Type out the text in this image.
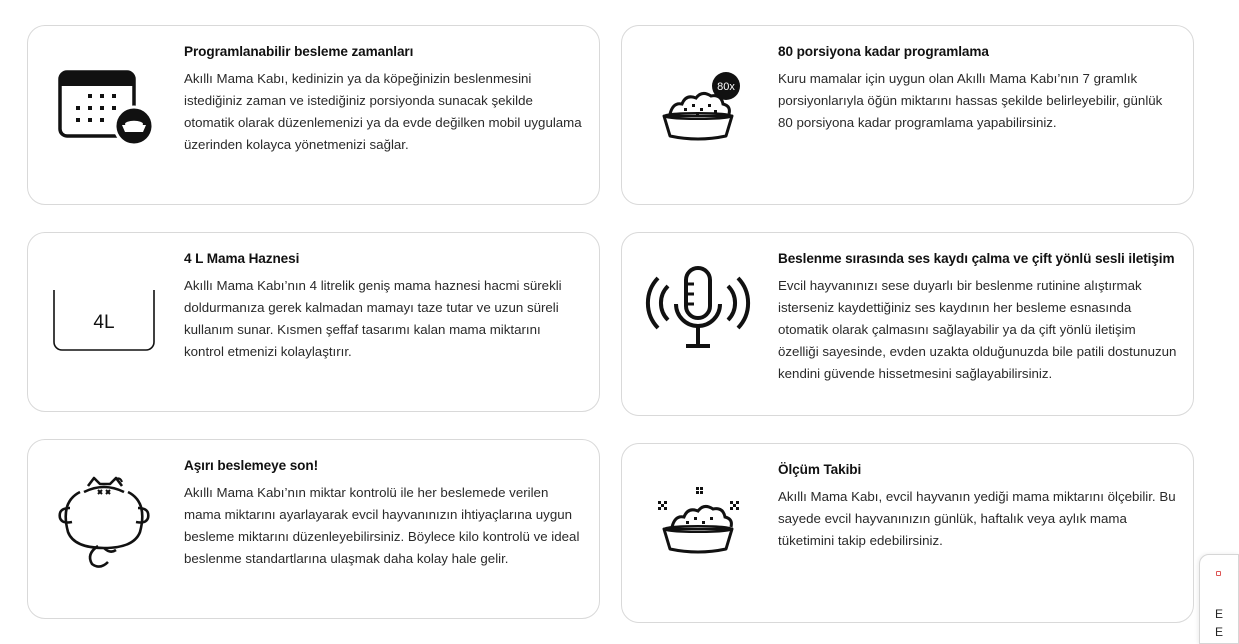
Programlanabilir besleme zamanları

Akıllı Mama Kabı, kedinizin ya da köpeğinizin beslenmesini istediğiniz zaman ve istediğiniz porsiyonda sunacak şekilde otomatik olarak düzenlemenizi ya da evde değilken mobil uygulama üzerinden kolayca yönetmenizi sağlar.

80x
80 porsiyona kadar programlama

Kuru mamalar için uygun olan Akıllı Mama Kabı’nın 7 gramlık porsiyonlarıyla öğün miktarını hassas şekilde belirleyebilir, günlük 80 porsiyona kadar programlama yapabilirsiniz.

4L
4 L Mama Haznesi

Akıllı Mama Kabı’nın 4 litrelik geniş mama haznesi hacmi sürekli doldurmanıza gerek kalmadan mamayı taze tutar ve uzun süreli kullanım sunar. Kısmen şeffaf tasarımı kalan mama miktarını kontrol etmenizi kolaylaştırır.

Beslenme sırasında ses kaydı çalma ve çift yönlü sesli iletişim

Evcil hayvanınızı sese duyarlı bir beslenme rutinine alıştırmak isterseniz kaydettiğiniz ses kaydının her besleme esnasında otomatik olarak çalmasını sağlayabilir ya da çift yönlü iletişim özelliği sayesinde, evden uzakta olduğunuzda bile patili dostunuzun kendini güvende hissetmesini sağlayabilirsiniz.

Aşırı beslemeye son!

Akıllı Mama Kabı’nın miktar kontrolü ile her beslemede verilen mama miktarını ayarlayarak evcil hayvanınızın ihtiyaçlarına uygun besleme miktarını düzenleyebilirsiniz. Böylece kilo kontrolü ve ideal beslenme standartlarına ulaşmak daha kolay hale gelir.

Ölçüm Takibi

Akıllı Mama Kabı, evcil hayvanın yediği mama miktarını ölçebilir. Bu sayede evcil hayvanınızın günlük, haftalık veya aylık mama tüketimini takip edebilirsiniz.

E
E
